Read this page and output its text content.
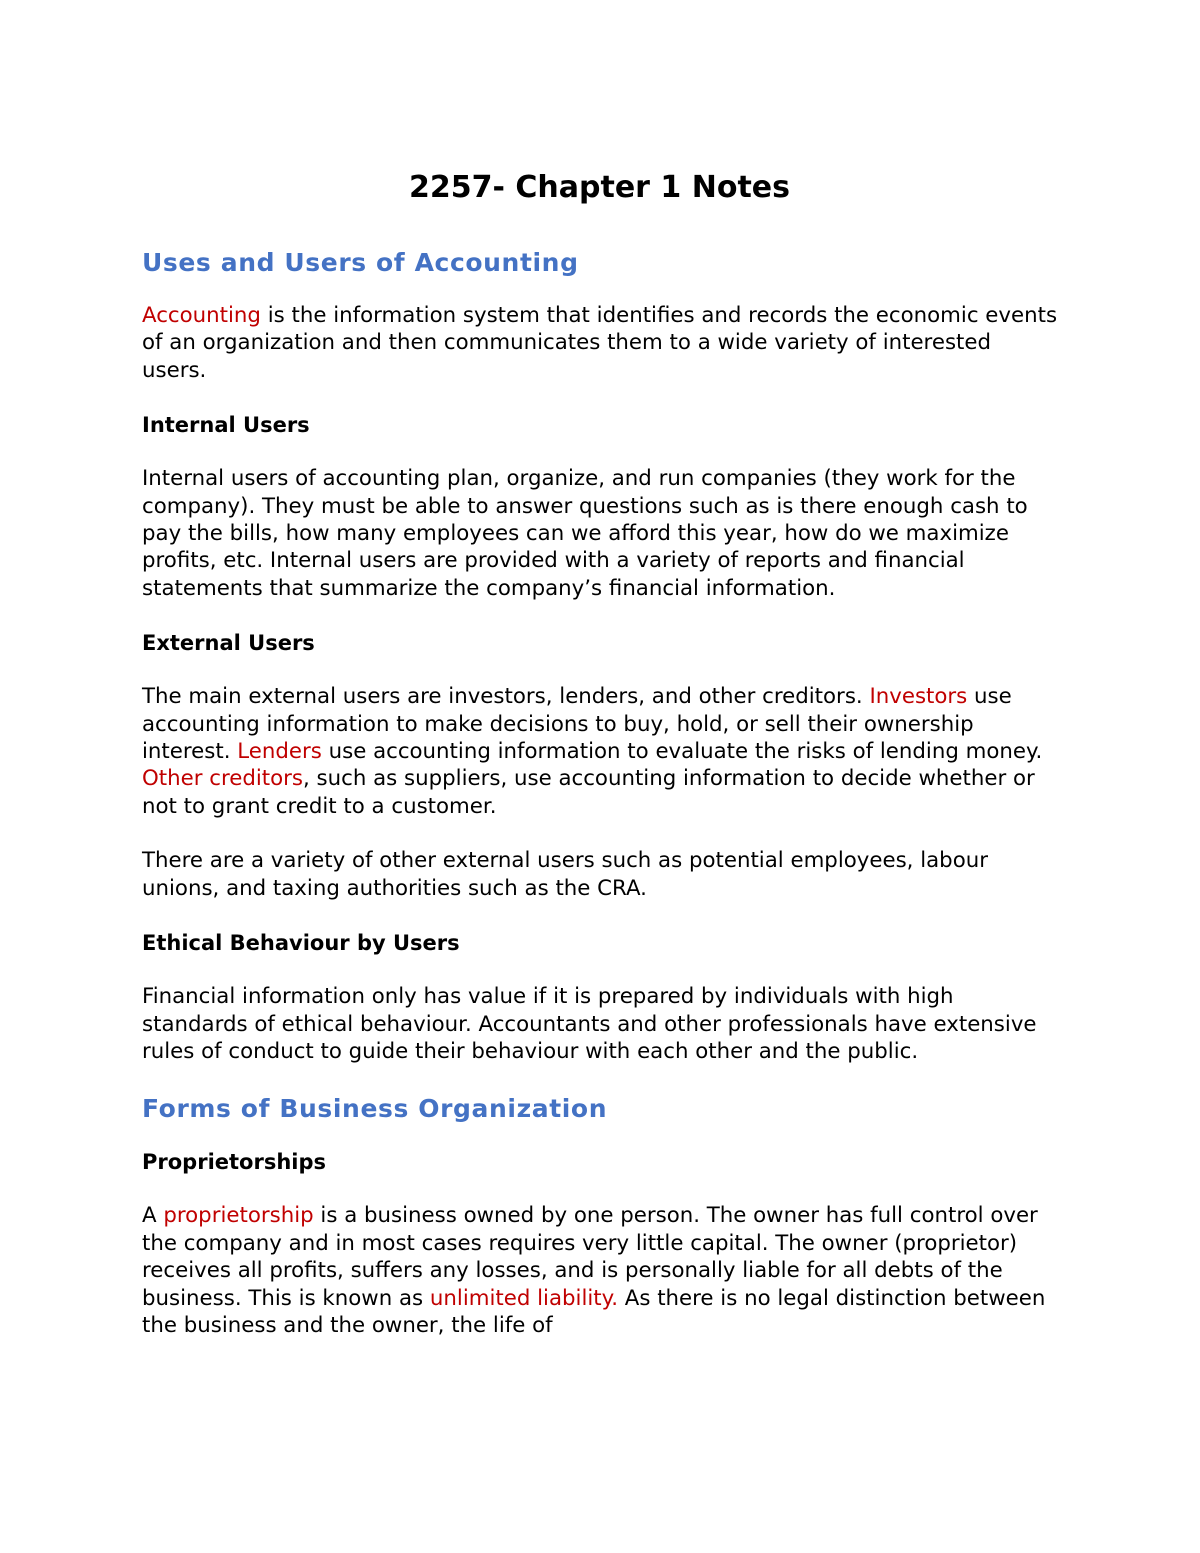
2257- Chapter 1 Notes
Uses and Users of Accounting

Accounting is the information system that identifies and records the economic events of an organization and then communicates them to a wide variety of interested users.

Internal Users

Internal users of accounting plan, organize, and run companies (they work for the company). They must be able to answer questions such as is there enough cash to pay the bills, how many employees can we afford this year, how do we maximize profits, etc. Internal users are provided with a variety of reports and financial statements that summarize the company’s financial information.

External Users

The main external users are investors, lenders, and other creditors. Investors use accounting information to make decisions to buy, hold, or sell their ownership interest. Lenders use accounting information to evaluate the risks of lending money. Other creditors, such as suppliers, use accounting information to decide whether or not to grant credit to a customer.

There are a variety of other external users such as potential employees, labour unions, and taxing authorities such as the CRA.

Ethical Behaviour by Users

Financial information only has value if it is prepared by individuals with high standards of ethical behaviour. Accountants and other professionals have extensive rules of conduct to guide their behaviour with each other and the public.

Forms of Business Organization
Proprietorships

A proprietorship is a business owned by one person. The owner has full control over the company and in most cases requires very little capital. The owner (proprietor) receives all profits, suffers any losses, and is personally liable for all debts of the business. This is known as unlimited liability. As there is no legal distinction between the business and the owner, the life of
